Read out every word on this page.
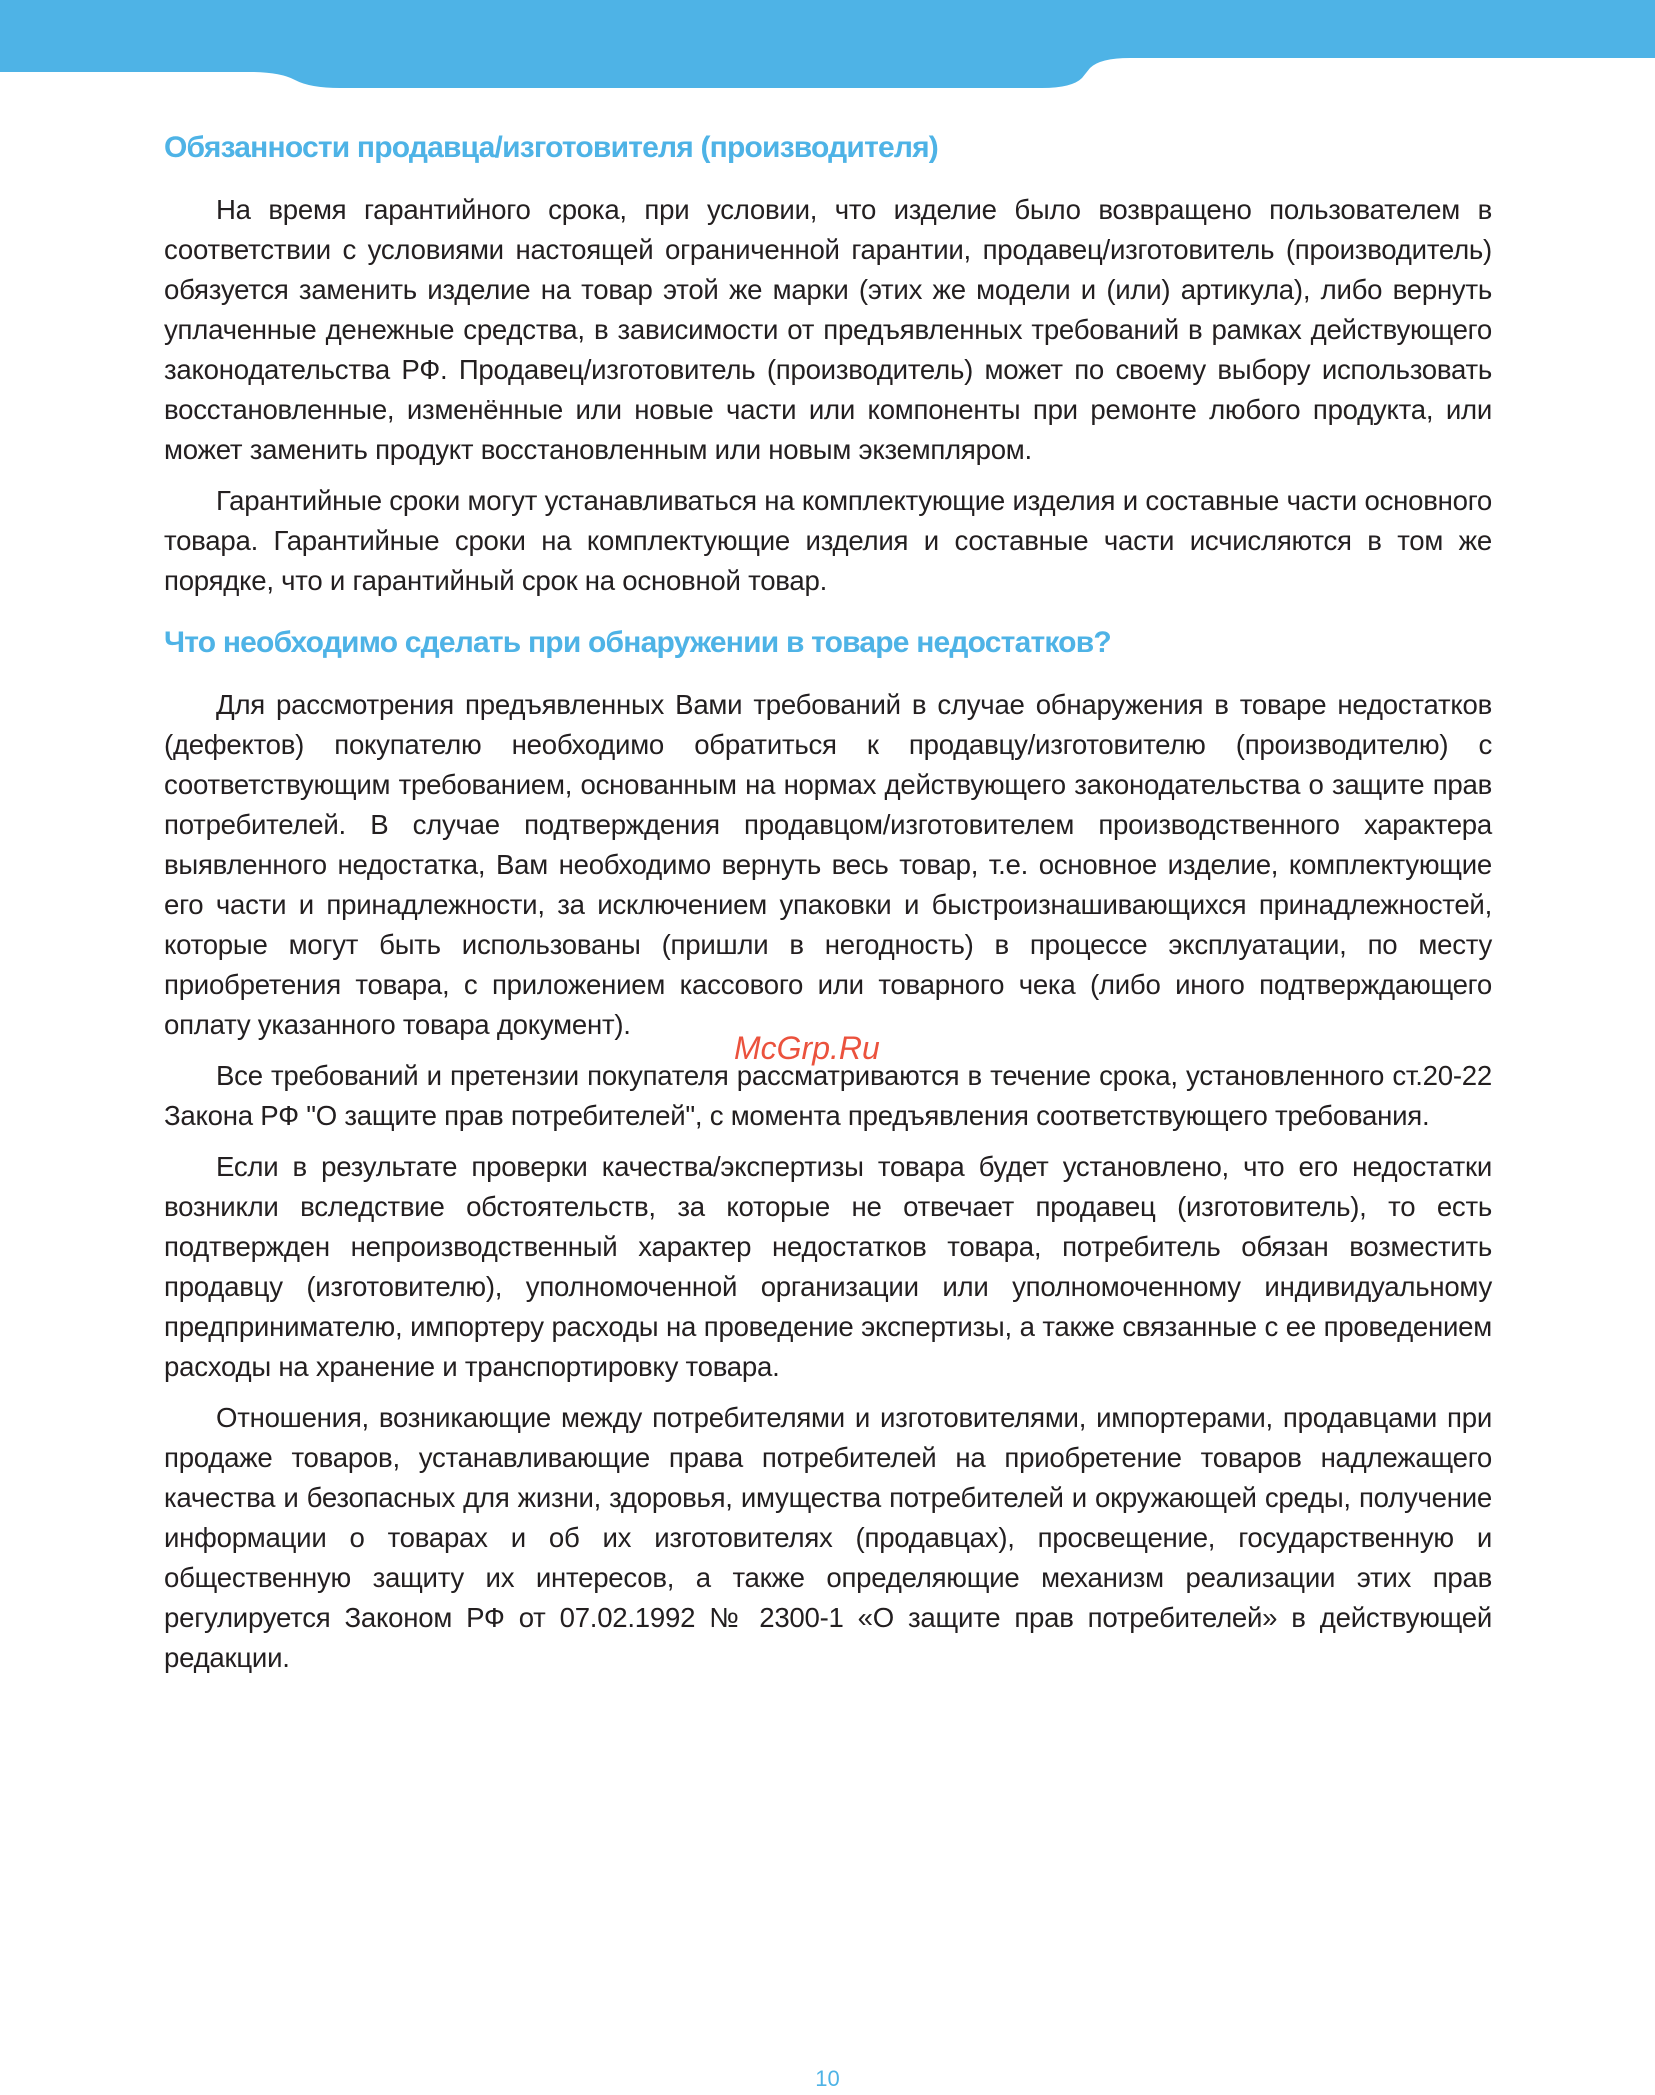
Обязанности продавца/изготовителя (производителя)

На время гарантийного срока, при условии, что изделие было возвращено пользователем в соответствии с условиями настоящей ограниченной гарантии, продавец/изготовитель (производитель) обязуется заменить изделие на товар этой же марки (этих же модели и (или) артикула), либо вернуть уплаченные денежные средства, в зависимости от предъявленных требований в рамках действующего законодательства РФ. Продавец/изготовитель (производитель) может по своему выбору использовать восстановленные, изменённые или новые части или компоненты при ремонте любого продукта, или может заменить продукт восстановленным или новым экземпляром.

Гарантийные сроки могут устанавливаться на комплектующие изделия и составные части основного товара. Гарантийные сроки на комплектующие изделия и составные части исчисляются в том же порядке, что и гарантийный срок на основной товар.

Что необходимо сделать при обнаружении в товаре недостатков?

Для рассмотрения предъявленных Вами требований в случае обнаружения в товаре недостатков (дефектов) покупателю необходимо обратиться к продавцу/изготовителю (производителю) с соответствующим требованием, основанным на нормах действующего законодательства о защите прав потребителей. В случае подтверждения продавцом/изготовителем производственного характера выявленного недостатка, Вам необходимо вернуть весь товар, т.е. основное изделие, комплектующие его части и принадлежности, за исключением упаковки и быстроизнашивающихся принадлежностей, которые могут быть использованы (пришли в негодность) в процессе эксплуатации, по месту приобретения товара, с приложением кассового или товарного чека (либо иного подтверждающего оплату указанного товара документ).

Все требований и претензии покупателя рассматриваются в течение срока, установленного ст.20-22 Закона РФ "О защите прав потребителей", с момента предъявления соответствующего требования.

Если в результате проверки качества/экспертизы товара будет установлено, что его недостатки возникли вследствие обстоятельств, за которые не отвечает продавец (изготовитель), то есть подтвержден непроизводственный характер недостатков товара, потребитель обязан возместить продавцу (изготовителю), уполномоченной организации или уполномоченному индивидуальному предпринимателю, импортеру расходы на проведение экспертизы, а также связанные с ее проведением расходы на хранение и транспортировку товара.

Отношения, возникающие между потребителями и изготовителями, импортерами, продавцами при продаже товаров, устанавливающие права потребителей на приобретение товаров надлежащего качества и безопасных для жизни, здоровья, имущества потребителей и окружающей среды, получение информации о товарах и об их изготовителях (продавцах), просвещение, государственную и общественную защиту их интересов, а также определяющие механизм реализации этих прав регулируется Законом РФ от 07.02.1992 № 2300-1 «О защите прав потребителей» в действующей редакции.

McGrp.Ru
10
